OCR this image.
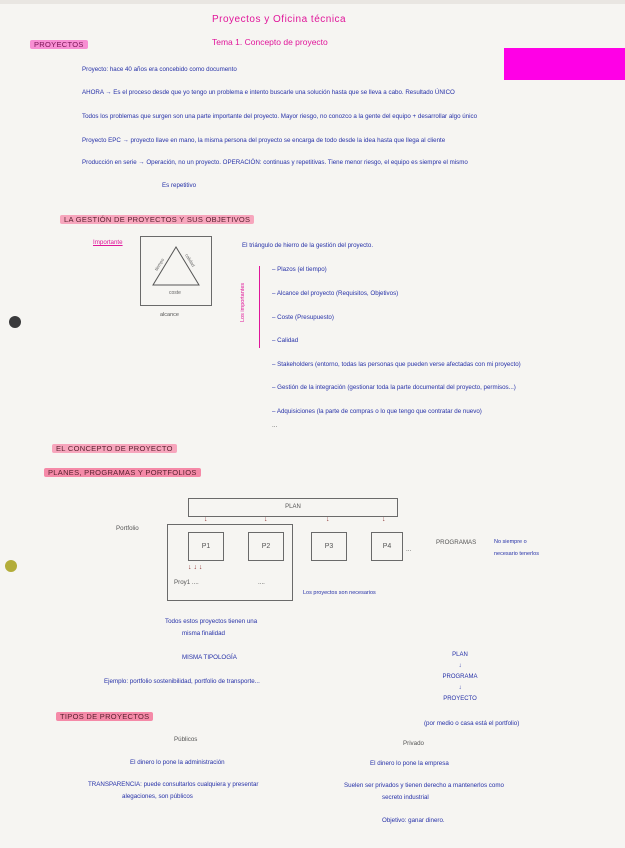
Proyectos y Oficina técnica
Tema 1. Concepto de proyecto
PROYECTOS
Proyecto: hace 40 años era concebido como documento
AHORA → Es el proceso desde que yo tengo un problema e intento buscarle una solución hasta que se lleva a cabo. Resultado ÚNICO
Todos los problemas que surgen son una parte importante del proyecto. Mayor riesgo, no conozco a la gente del equipo + desarrollar algo único
Proyecto EPC → proyecto llave en mano, la misma persona del proyecto se encarga de todo desde la idea hasta que llega al cliente
Producción en serie → Operación, no un proyecto. OPERACIÓN: continuas y repetitivas. Tiene menor riesgo, el equipo es siempre el mismo
Es repetitivo
LA GESTIÓN DE PROYECTOS Y SUS OBJETIVOS
Importante
tiempo	calidad
coste
alcance
El triángulo de hierro de la gestión del proyecto.
Los importantes
– Plazos (el tiempo)
– Alcance del proyecto (Requisitos, Objetivos)
– Coste (Presupuesto)
– Calidad
– Stakeholders (entorno, todas las personas que pueden verse afectadas con mi proyecto)
– Gestión de la integración (gestionar toda la parte documental del proyecto, permisos...)
– Adquisiciones (la parte de compras o lo que tengo que contratar de nuevo)
...
EL CONCEPTO DE PROYECTO
PLANES, PROGRAMAS Y PORTFOLIOS
PLAN
Portfolio
↓	↓	↓	↓
P1	P2	P3	P4	...
↓ ↓ ↓
Proy1 ....	....
PROGRAMAS	No siempre o
necesario tenerlos
Los proyectos son necesarios
Todos estos proyectos tienen una
misma finalidad
MISMA TIPOLOGÍA
Ejemplo: portfolio sostenibilidad, portfolio de transporte...
PLAN
↓
PROGRAMA
↓
PROYECTO
(por medio o casa está el portfolio)
TIPOS DE PROYECTOS
Públicos
El dinero lo pone la administración
TRANSPARENCIA: puede consultarlos cualquiera y presentar
alegaciones, son públicos
Privado
El dinero lo pone la empresa
Suelen ser privados y tienen derecho a mantenerlos como
secreto industrial
Objetivo: ganar dinero.
